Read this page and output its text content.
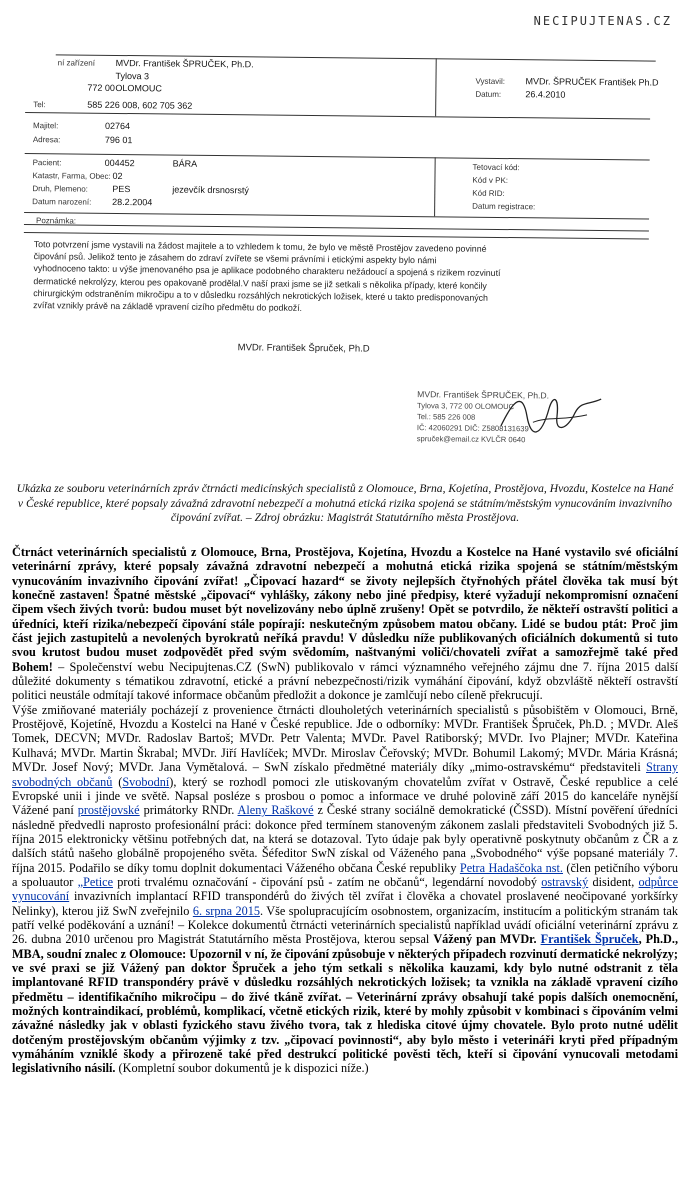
NECIPUJTENAS.CZ
ní zařízení MVDr. František ŠPRUČEK, Ph.D.
Tylova 3
772 00 OLOMOUC
Tel:	585 226 008, 602 705 362
Vystavil: MVDr. ŠPRUČEK František Ph.D
Datum:	26.4.2010
Majitel:	02764
Adresa:	796 01
Pacient:	004452	BÁRA
Katastr, Farma, Obec: 02
Druh, Plemeno:	PES	jezevčík drsnosrstý
Datum narození: 28.2.2004
Tetovací kód:
Kód v PK:
Kód RID:
Datum registrace:
Poznámka:
Toto potvrzení jsme vystavili na žádost majitele a to vzhledem k tomu, že bylo ve městě Prostějov zavedeno povinné
čipování psů. Jelikož tento je zásahem do zdraví zvířete se všemi právními i etickými aspekty bylo námi
vyhodnoceno takto: u výše jmenovaného psa je aplikace podobného charakteru nežádoucí a spojená s rizikem rozvinutí
dermatické nekrolýzy, kterou pes opakovaně prodělal.V naší praxi jsme se již setkali s několika případy, které končily
chirurgickým odstraněním mikročipu a to v důsledku rozsáhlých nekrotických ložisek, které u takto predisponovaných
zvířat vznikly právě na základě vpravení cizího předmětu do podkoží.
MVDr. František Špruček, Ph.D
MVDr. František ŠPRUČEK, Ph.D.
Tylova 3, 772 00 OLOMOUC
Tel.: 585 226 008
IČ: 42060291 DIČ: Z5808131639
spruček@email.cz KVLČR 0640
Ukázka ze souboru veterinárních zpráv čtrnácti medicínských specialistů z Olomouce, Brna, Kojetína, Prostějova, Hvozdu, Kostelce na Hané v České republice, které popsaly závažná zdravotní nebezpečí a mohutná etická rizika spojená se státním/městským vynucováním invazivního čipování zvířat. – Zdroj obrázku: Magistrát Statutárního města Prostějova.
Čtrnáct veterinárních specialistů z Olomouce, Brna, Prostějova, Kojetína, Hvozdu a Kostelce na Hané vystavilo své oficiální veterinární zprávy, které popsaly závažná zdravotní nebezpečí a mohutná etická rizika spojená se státním/městským vynucováním invazivního čipování zvířat! „Čipovací hazard“ se životy nejlepších čtyřnohých přátel člověka tak musí být konečně zastaven! Špatné městské „čipovací“ vyhlášky, zákony nebo jiné předpisy, které vyžadují nekompromisní označení čipem všech živých tvorů: budou muset být novelizovány nebo úplně zrušeny! Opět se potvrdilo, že někteří ostravští politici a úředníci, kteří rizika/nebezpečí čipování stále popírají: neskutečným způsobem matou občany. Lidé se budou ptát: Proč jim část jejich zastupitelů a nevolených byrokratů neříká pravdu! V důsledku níže publikovaných oficiálních dokumentů si tuto svou krutost budou muset zodpovědět před svým svědomím, naštvanými voliči/chovateli zvířat a samozřejmě také před Bohem! – Společenství webu Necipujtenas.CZ (SwN) publikovalo v rámci významného veřejného zájmu dne 7. října 2015 další důležité dokumenty s tématikou zdravotní, etické a právní nebezpečnosti/rizik vymáhání čipování, když obzvláště někteří ostravští politici neustále odmítají takové informace občanům předložit a dokonce je zamlčují nebo cíleně překrucují.
Výše zmiňované materiály pocházejí z provenience čtrnácti dlouholetých veterinárních specialistů s působištěm v Olomouci, Brně, Prostějově, Kojetíně, Hvozdu a Kostelci na Hané v České republice. Jde o odborníky: MVDr. František Špruček, Ph.D. ; MVDr. Aleš Tomek, DECVN; MVDr. Radoslav Bartoš; MVDr. Petr Valenta; MVDr. Pavel Ratiborský; MVDr. Ivo Plajner; MVDr. Kateřina Kulhavá; MVDr. Martin Škrabal; MVDr. Jiří Havlíček; MVDr. Miroslav Čeřovský; MVDr. Bohumil Lakomý; MVDr. Mária Krásná; MVDr. Josef Nový; MVDr. Jana Vymětalová. – SwN získalo předmětné materiály díky „mimo-ostravskému“ představiteli Strany svobodných občanů (Svobodní), který se rozhodl pomoci zle utiskovaným chovatelům zvířat v Ostravě, České republice a celé Evropské unii i jinde ve světě. Napsal posléze s prosbou o pomoc a informace ve druhé polovině září 2015 do kanceláře nynější Vážené paní prostějovské primátorky RNDr. Aleny Raškové z České strany sociálně demokratické (ČSSD). Místní pověření úředníci následně předvedli naprosto profesionální práci: dokonce před termínem stanoveným zákonem zaslali představiteli Svobodných již 5. října 2015 elektronicky většinu potřebných dat, na která se dotazoval. Tyto údaje pak byly operativně poskytnuty občanům z ČR a z dalších států našeho globálně propojeného světa. Šéfeditor SwN získal od Váženého pana „Svobodného“ výše popsané materiály 7. října 2015. Podařilo se díky tomu doplnit dokumentaci Váženého občana České republiky Petra Hadaščoka nst. (člen petičního výboru a spoluautor „Petice proti trvalému označování - čipování psů - zatím ne občanů“, legendární novodobý ostravský disident, odpůrce vynucování invazivních implantací RFID transpondérů do živých těl zvířat i člověka a chovatel proslavené neočipované yorkšírky Nelinky), kterou již SwN zveřejnilo 6. srpna 2015. Vše spolupracujícím osobnostem, organizacím, institucím a politickým stranám tak patří velké poděkování a uznání! – Kolekce dokumentů čtrnácti veterinárních specialistů například uvádí oficiální veterinární zprávu z 26. dubna 2010 určenou pro Magistrát Statutárního města Prostějova, kterou sepsal Vážený pan MVDr. František Špruček, Ph.D., MBA, soudní znalec z Olomouce: Upozornil v ní, že čipování způsobuje v některých případech rozvinutí dermatické nekrolýzy; ve své praxi se již Vážený pan doktor Špruček a jeho tým setkali s několika kauzami, kdy bylo nutné odstranit z těla implantované RFID transpondéry právě v důsledku rozsáhlých nekrotických ložisek; ta vznikla na základě vpravení cizího předmětu – identifikačního mikročipu – do živé tkáně zvířat. – Veterinární zprávy obsahují také popis dalších onemocnění, možných kontraindikací, problémů, komplikací, včetně etických rizik, které by mohly způsobit v kombinaci s čipováním velmi závažné následky jak v oblasti fyzického stavu živého tvora, tak z hlediska citové újmy chovatele. Bylo proto nutné udělit dotčeným prostějovským občanům výjimky z tzv. „čipovací povinnosti“, aby bylo město i veterináři kryti před případným vymáháním vzniklé škody a přirozeně také před destrukcí politické pověsti těch, kteří si čipování vynucovali metodami legislativního násilí. (Kompletní soubor dokumentů je k dispozici níže.)
